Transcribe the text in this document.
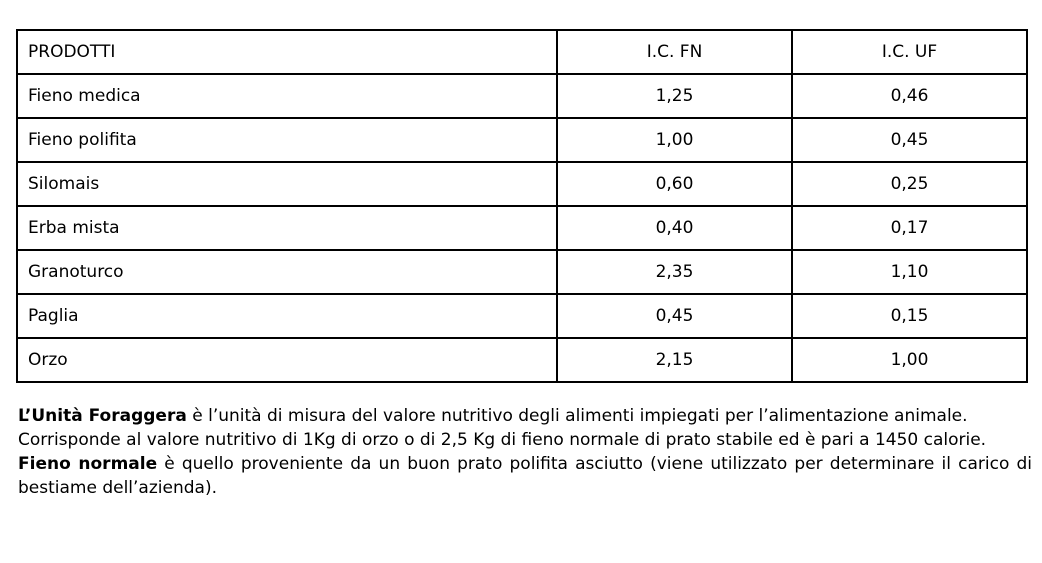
PRODOTTI	I.C. FN	I.C. UF
Fieno medica	1,25	0,46
Fieno polifita	1,00	0,45
Silomais	0,60	0,25
Erba mista	0,40	0,17
Granoturco	2,35	1,10
Paglia	0,45	0,15
Orzo	2,15	1,00

L’Unità Foraggera è l’unità di misura del valore nutritivo degli alimenti impiegati per l’alimentazione animale.

Corrisponde al valore nutritivo di 1Kg di orzo o di 2,5 Kg di fieno normale di prato stabile ed è pari a 1450 calorie.

Fieno normale è quello proveniente da un buon prato polifita asciutto (viene utilizzato per determinare il carico di bestiame dell’azienda).
